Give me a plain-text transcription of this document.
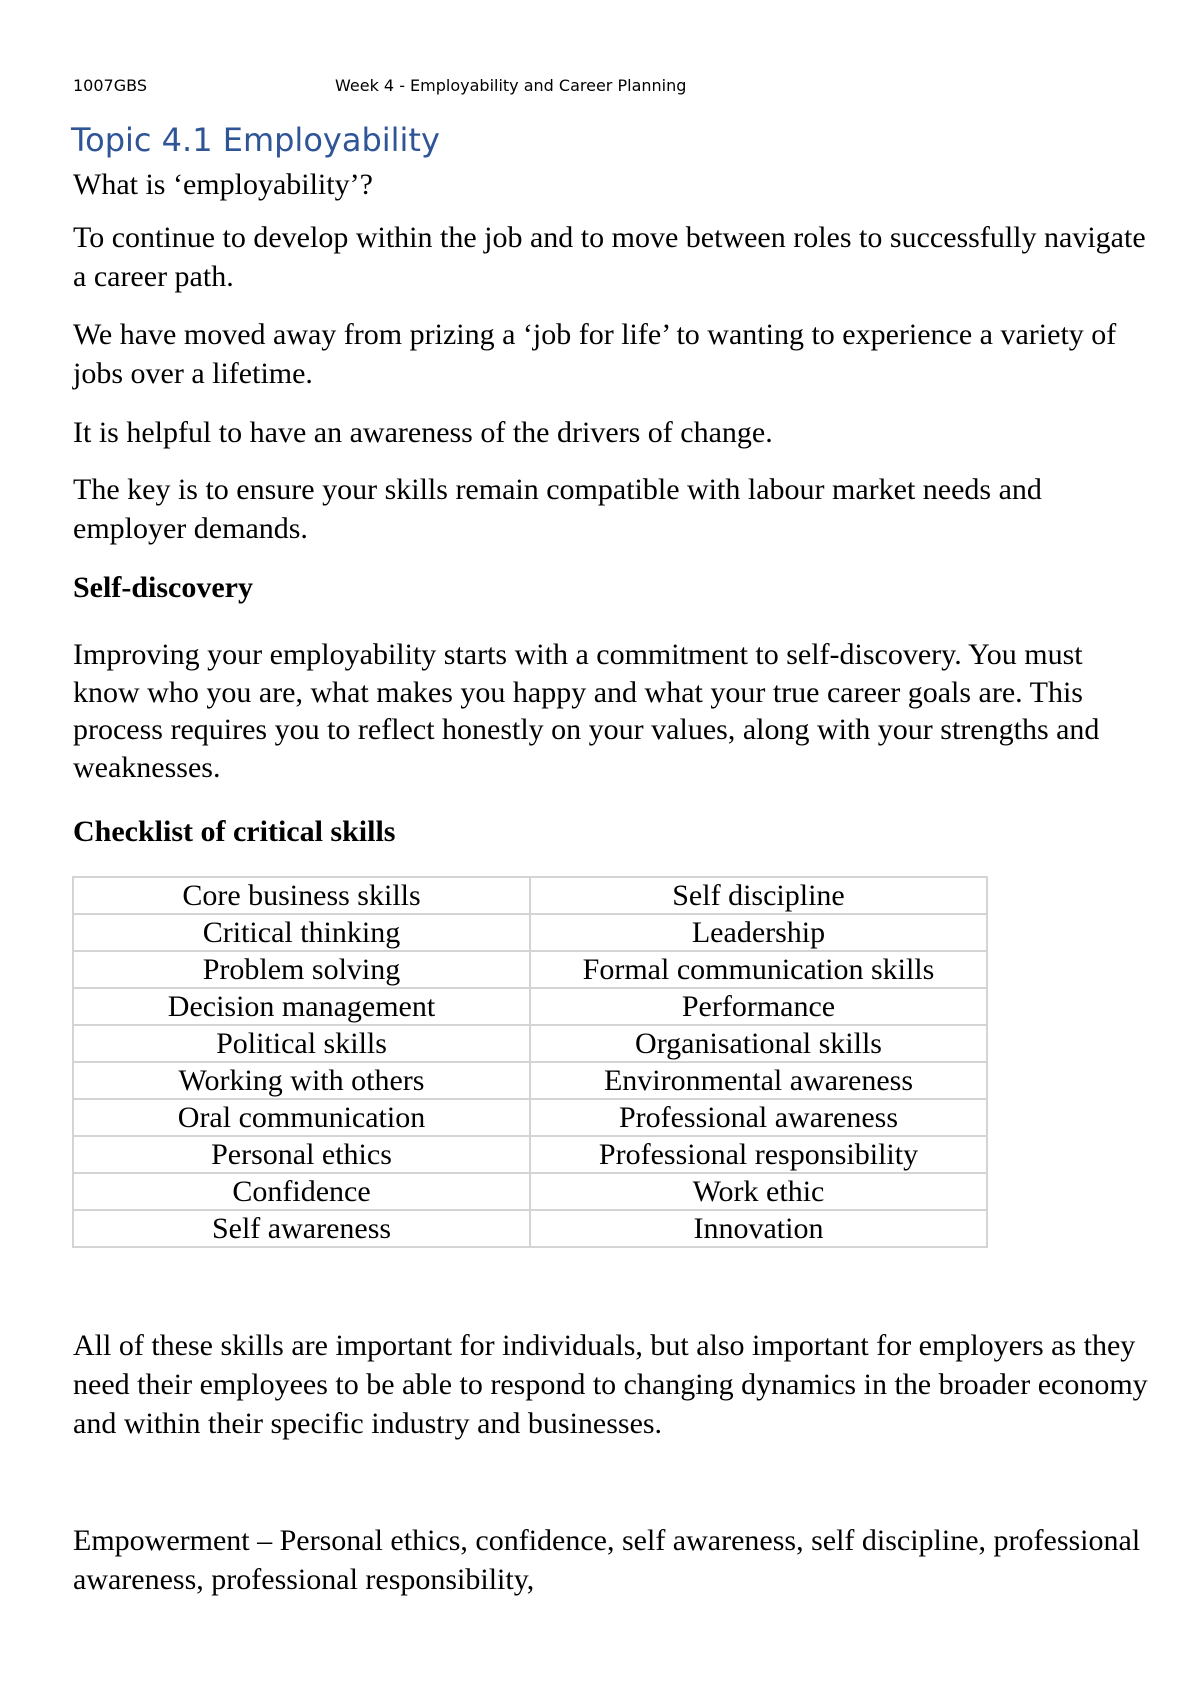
1007GBS	Week 4 - Employability and Career Planning
Topic 4.1 Employability
What is ‘employability’?
To continue to develop within the job and to move between roles to successfully navigate a career path.
We have moved away from prizing a ‘job for life’ to wanting to experience a variety of jobs over a lifetime.
It is helpful to have an awareness of the drivers of change.
The key is to ensure your skills remain compatible with labour market needs and employer demands.
Self-discovery
Improving your employability starts with a commitment to self-discovery. You must know who you are, what makes you happy and what your true career goals are. This process requires you to reflect honestly on your values, along with your strengths and weaknesses.
Checklist of critical skills
Core business skills	Self discipline
Critical thinking	Leadership
Problem solving	Formal communication skills
Decision management	Performance
Political skills	Organisational skills
Working with others	Environmental awareness
Oral communication	Professional awareness
Personal ethics	Professional responsibility
Confidence	Work ethic
Self awareness	Innovation
All of these skills are important for individuals, but also important for employers as they need their employees to be able to respond to changing dynamics in the broader economy and within their specific industry and businesses.
Empowerment – Personal ethics, confidence, self awareness, self discipline, professional awareness, professional responsibility,
